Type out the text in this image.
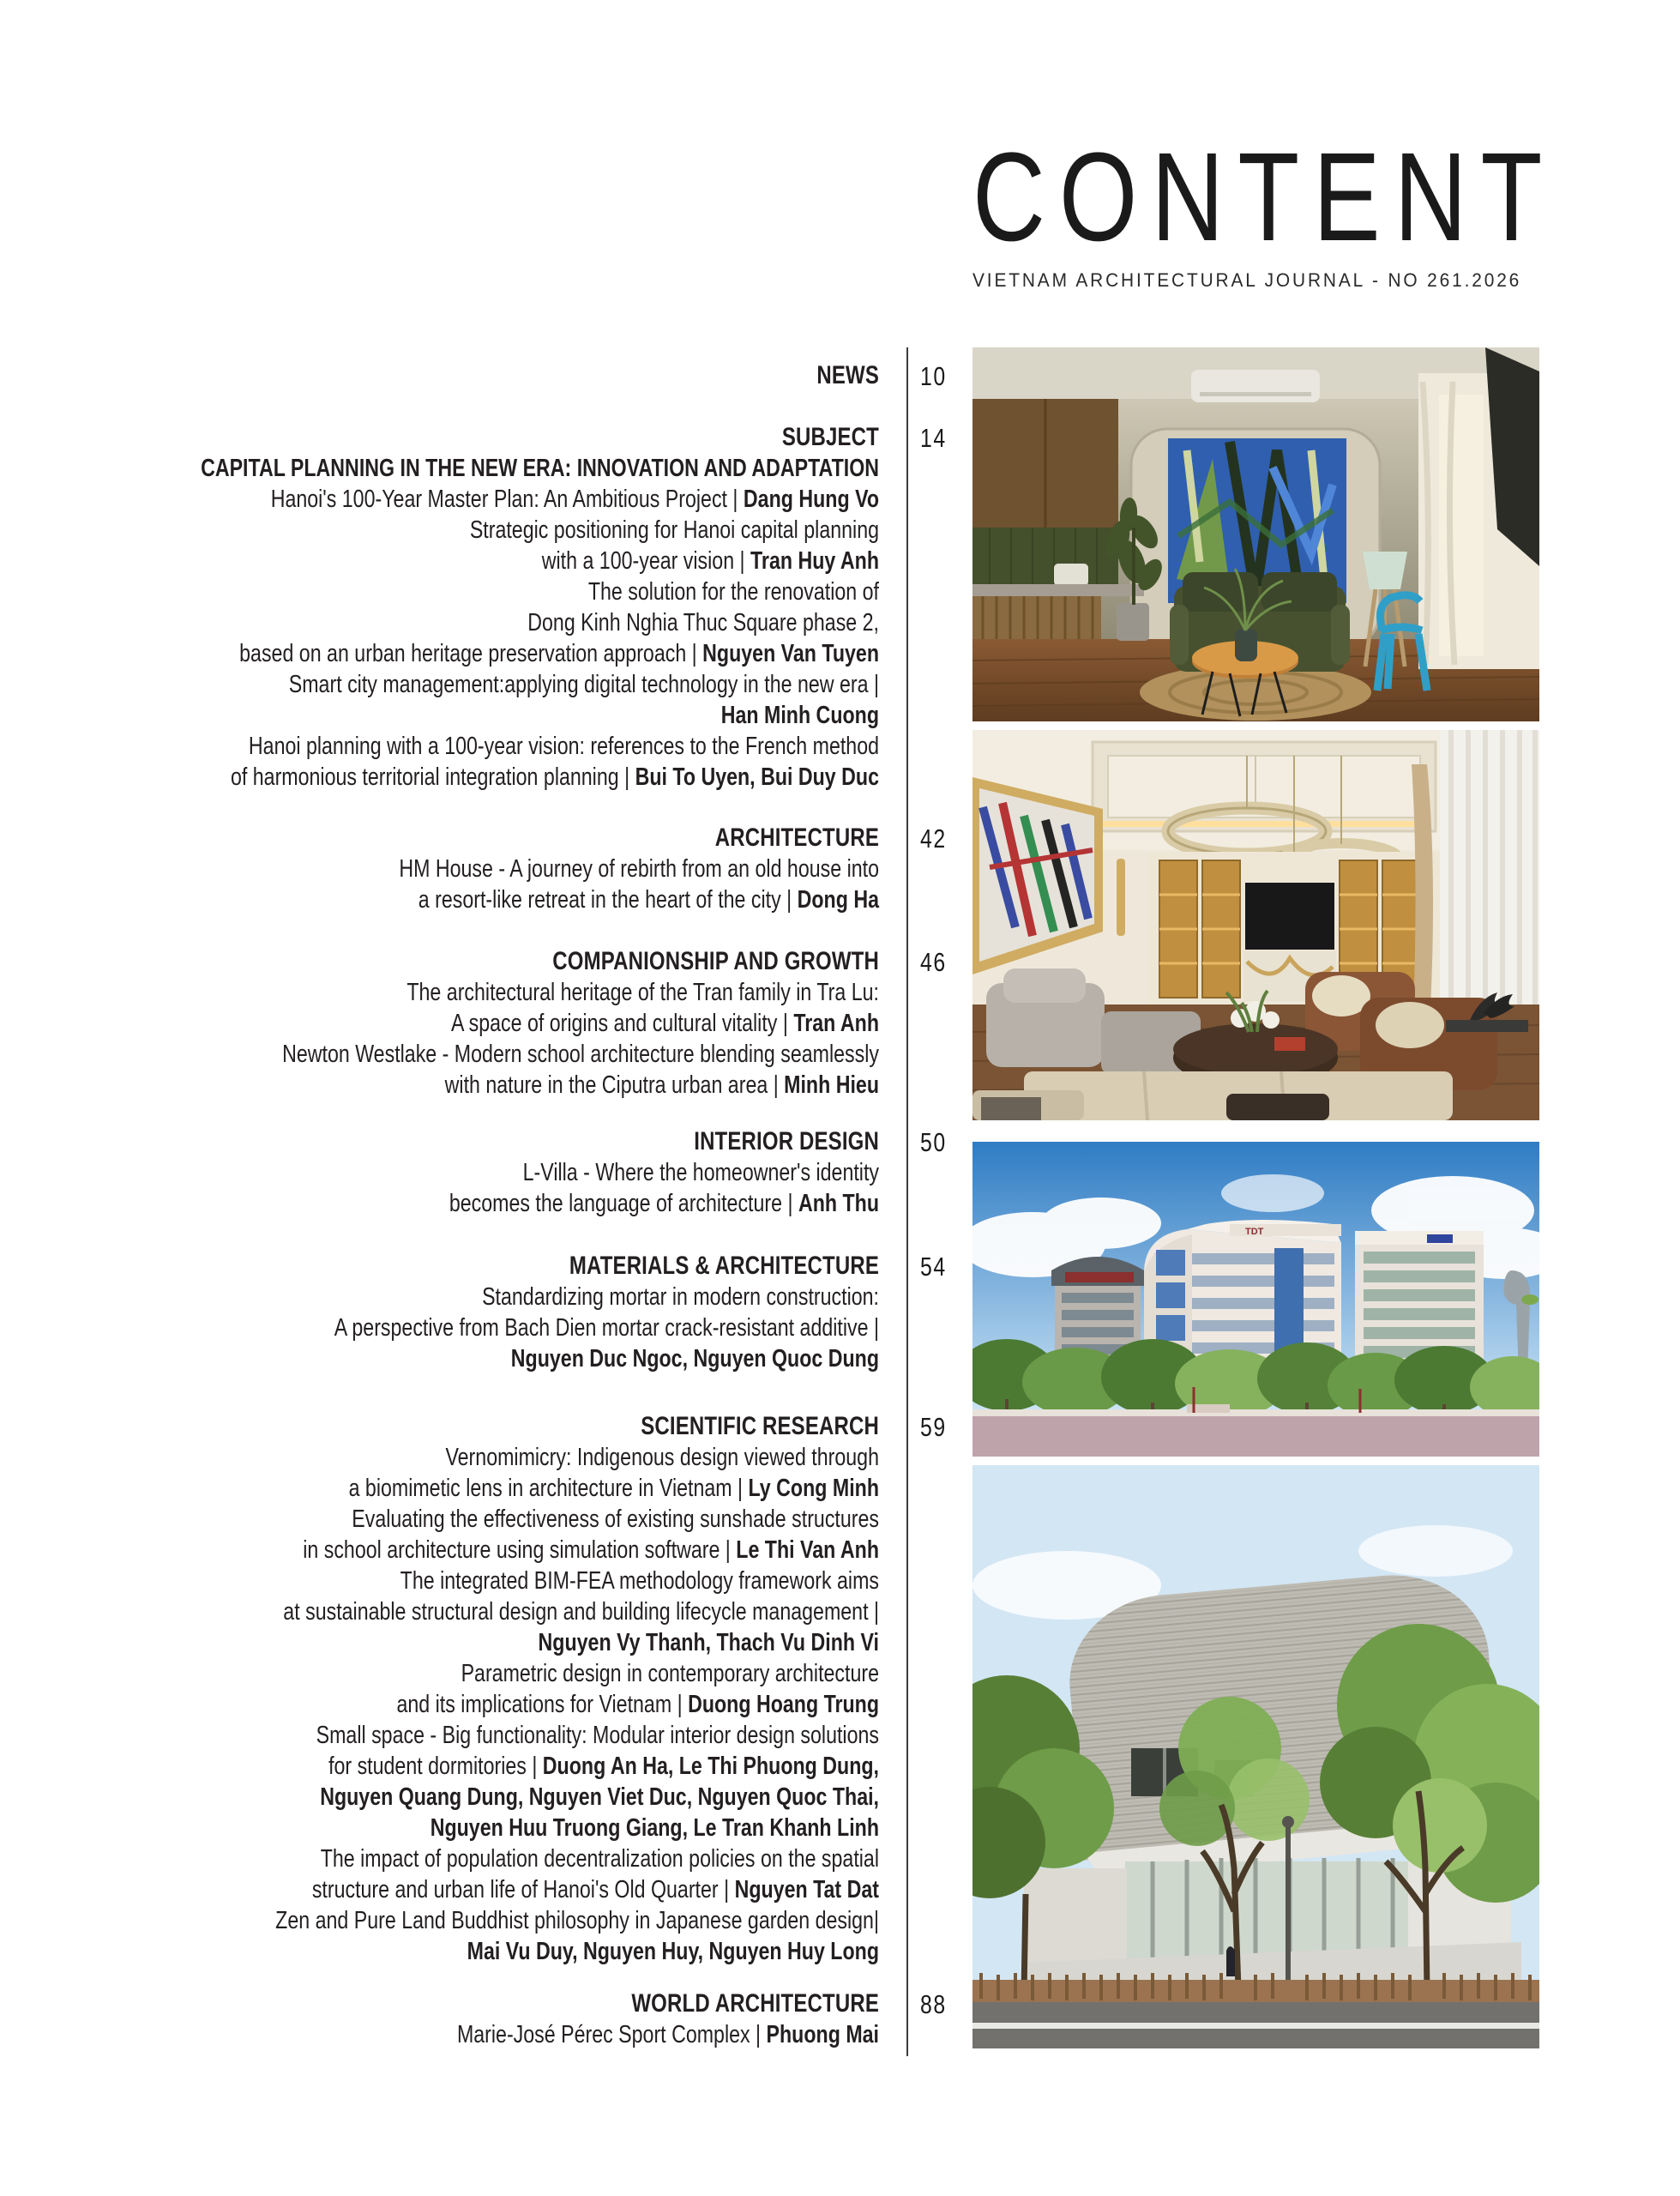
CONTENT
VIETNAM ARCHITECTURAL JOURNAL - NO 261.2026
10
NEWS
14
SUBJECT
CAPITAL PLANNING IN THE NEW ERA: INNOVATION AND ADAPTATION
Hanoi's 100-Year Master Plan: An Ambitious Project | Dang Hung Vo
Strategic positioning for Hanoi capital planning
with a 100-year vision | Tran Huy Anh
The solution for the renovation of
Dong Kinh Nghia Thuc Square phase 2,
based on an urban heritage preservation approach | Nguyen Van Tuyen
Smart city management:applying digital technology in the new era |
Han Minh Cuong
Hanoi planning with a 100-year vision: references to the French method
of harmonious territorial integration planning | Bui To Uyen, Bui Duy Duc
42
ARCHITECTURE
HM House - A journey of rebirth from an old house into
a resort-like retreat in the heart of the city | Dong Ha
46
COMPANIONSHIP AND GROWTH
The architectural heritage of the Tran family in Tra Lu:
A space of origins and cultural vitality | Tran Anh
Newton Westlake - Modern school architecture blending seamlessly
with nature in the Ciputra urban area | Minh Hieu
50
INTERIOR DESIGN
L-Villa - Where the homeowner's identity
becomes the language of architecture | Anh Thu
54
MATERIALS & ARCHITECTURE
Standardizing mortar in modern construction:
A perspective from Bach Dien mortar crack-resistant additive |
Nguyen Duc Ngoc, Nguyen Quoc Dung
59
SCIENTIFIC RESEARCH
Vernomimicry: Indigenous design viewed through
a biomimetic lens in architecture in Vietnam | Ly Cong Minh
Evaluating the effectiveness of existing sunshade structures
in school architecture using simulation software | Le Thi Van Anh
The integrated BIM-FEA methodology framework aims
at sustainable structural design and building lifecycle management |
Nguyen Vy Thanh, Thach Vu Dinh Vi
Parametric design in contemporary architecture
and its implications for Vietnam | Duong Hoang Trung
Small space - Big functionality: Modular interior design solutions
for student dormitories | Duong An Ha, Le Thi Phuong Dung,
Nguyen Quang Dung, Nguyen Viet Duc, Nguyen Quoc Thai,
Nguyen Huu Truong Giang, Le Tran Khanh Linh
The impact of population decentralization policies on the spatial
structure and urban life of Hanoi's Old Quarter | Nguyen Tat Dat
Zen and Pure Land Buddhist philosophy in Japanese garden design|
Mai Vu Duy, Nguyen Huy, Nguyen Huy Long
88
WORLD ARCHITECTURE
Marie-José Pérec Sport Complex | Phuong Mai
TDT
